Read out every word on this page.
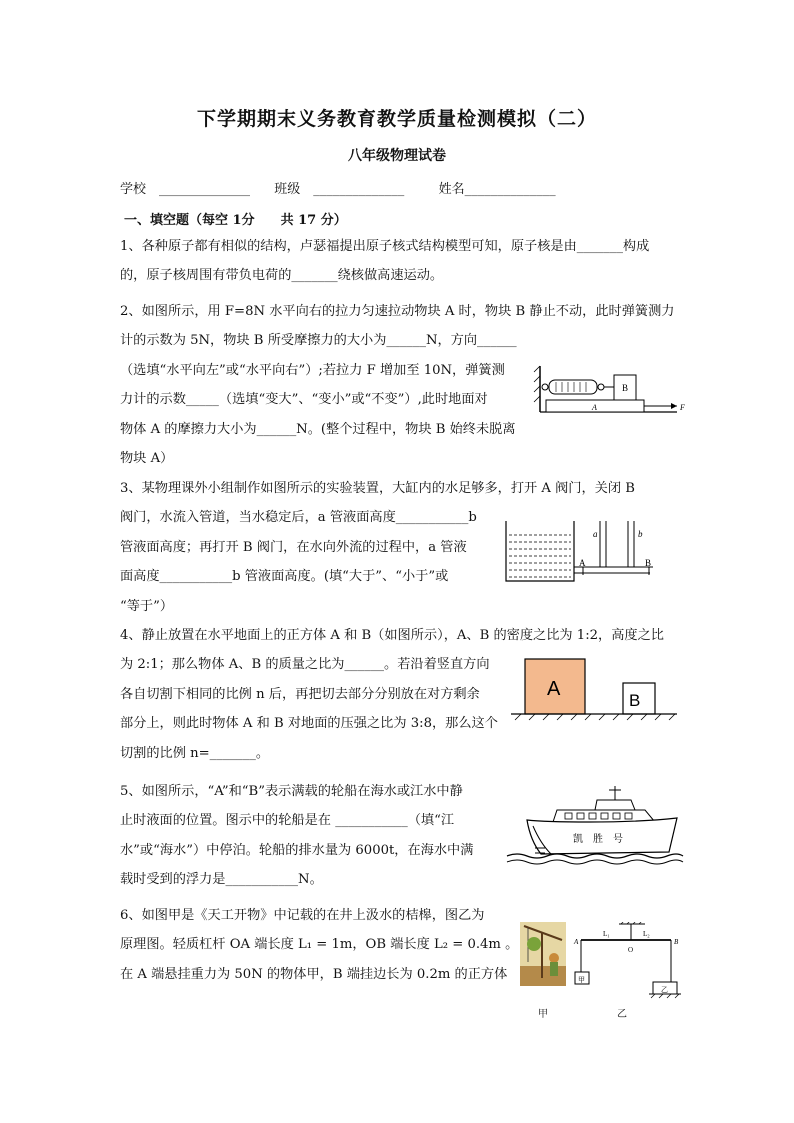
下学期期末义务教育教学质量检测模拟（二）
八年级物理试卷
学校　______________ 班级　______________	姓名______________
一、填空题（每空 1分　　共 17 分）
1、各种原子都有相似的结构，卢瑟福提出原子核式结构模型可知，原子核是由_______构成
的，原子核周围有带负电荷的_______绕核做高速运动。
2、如图所示，用 F=8N 水平向右的拉力匀速拉动物块 A 时，物块 B 静止不动，此时弹簧测力
计的示数为 5N，物块 B 所受摩擦力的大小为______N，方向______
（选填“水平向左”或“水平向右”）;若拉力 F 增加至 10N，弹簧测
力计的示数_____（选填“变大”、“变小”或“不变”）,此时地面对
物体 A 的摩擦力大小为______N。(整个过程中，物块 B 始终未脱离
物块 A）
B
A	F
3、某物理课外小组制作如图所示的实验装置，大缸内的水足够多，打开 A 阀门，关闭 B
阀门，水流入管道，当水稳定后，a 管液面高度___________b
管液面高度；再打开 B 阀门，在水向外流的过程中，a 管液
面高度___________b 管液面高度。(填“大于”、“小于”或
“等于”）
a	b
A	B
4、静止放置在水平地面上的正方体 A 和 B（如图所示），A、B 的密度之比为 1:2，高度之比
为 2:1；那么物体 A、B 的质量之比为______。若沿着竖直方向
各自切割下相同的比例 n 后，再把切去部分分别放在对方剩余
部分上，则此时物体 A 和 B 对地面的压强之比为 3:8，那么这个
切割的比例 n=_______。
A
B
5、如图所示，“A”和“B”表示满载的轮船在海水或江水中静
止时液面的位置。图示中的轮船是在 ___________（填“江
水”或“海水”）中停泊。轮船的排水量为 6000t，在海水中满
载时受到的浮力是___________N。
凯　胜　号
6、如图甲是《天工开物》中记载的在井上汲水的桔槔，图乙为
原理图。轻质杠杆 OA 端长度 L₁ = 1m，OB 端长度 L₂ = 0.4m 。
在 A 端悬挂重力为 50N 的物体甲，B 端挂边长为 0.2m 的正方体
L₁	L₂
A	B
O
甲
乙
甲	乙
